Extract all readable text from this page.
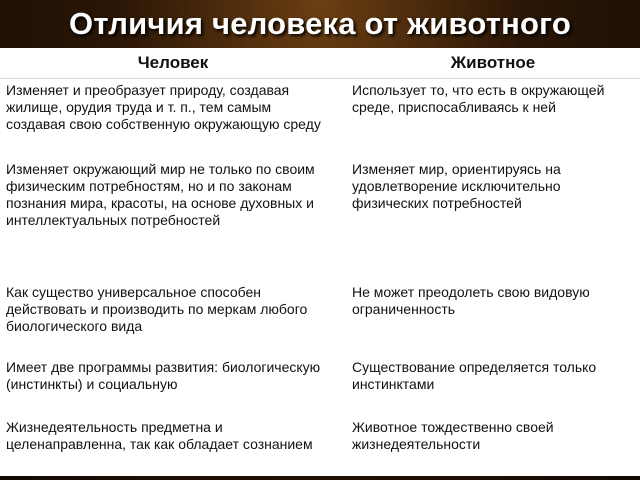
Отличия человека от животного
Человек	Животное
Изменяет и преобразует природу, создавая жилище, орудия труда и т. п., тем самым создавая свою собственную окружающую среду	Использует то, что есть в окружающей среде, приспосабливаясь к ней
Изменяет окружающий мир не только по своим физическим потребностям, но и по законам познания мира, красоты, на основе духовных и интеллектуальных потребностей	Изменяет мир, ориентируясь на удовлетворение исключительно физических потребностей
Как существо универсальное способен действовать и производить по меркам любого биологического вида	Не может преодолеть свою видовую ограниченность
Имеет две программы развития: биологическую (инстинкты) и социальную	Существование определяется только инстинктами
Жизнедеятельность предметна и целенаправленна, так как обладает сознанием	Животное тождественно своей жизнедеятельности
